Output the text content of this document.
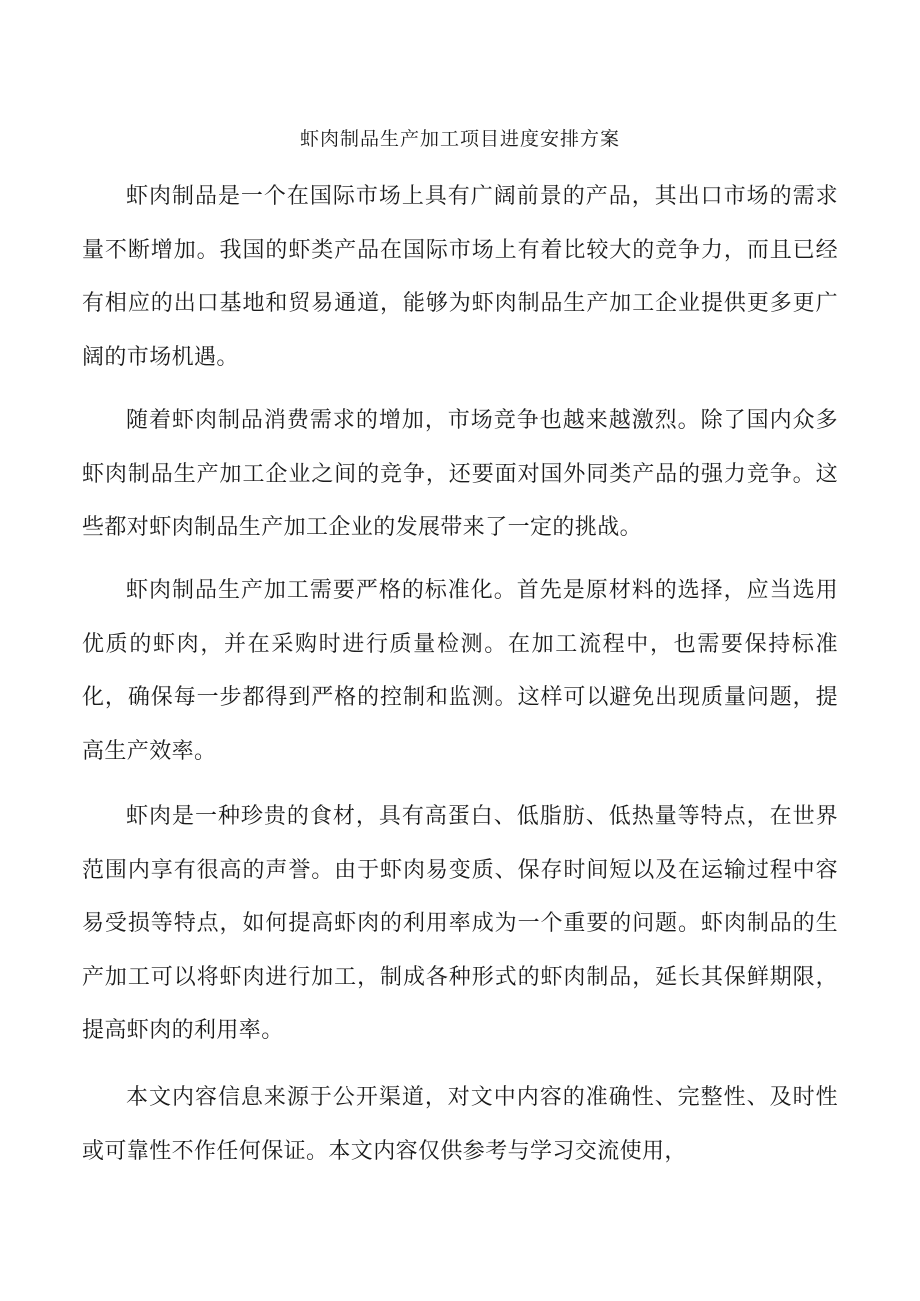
虾肉制品生产加工项目进度安排方案

虾肉制品是一个在国际市场上具有广阔前景的产品，其出口市场的需求量不断增加。我国的虾类产品在国际市场上有着比较大的竞争力，而且已经有相应的出口基地和贸易通道，能够为虾肉制品生产加工企业提供更多更广阔的市场机遇。

随着虾肉制品消费需求的增加，市场竞争也越来越激烈。除了国内众多虾肉制品生产加工企业之间的竞争，还要面对国外同类产品的强力竞争。这些都对虾肉制品生产加工企业的发展带来了一定的挑战。

虾肉制品生产加工需要严格的标准化。首先是原材料的选择，应当选用优质的虾肉，并在采购时进行质量检测。在加工流程中，也需要保持标准化，确保每一步都得到严格的控制和监测。这样可以避免出现质量问题，提高生产效率。

虾肉是一种珍贵的食材，具有高蛋白、低脂肪、低热量等特点，在世界范围内享有很高的声誉。由于虾肉易变质、保存时间短以及在运输过程中容易受损等特点，如何提高虾肉的利用率成为一个重要的问题。虾肉制品的生产加工可以将虾肉进行加工，制成各种形式的虾肉制品，延长其保鲜期限，提高虾肉的利用率。

本文内容信息来源于公开渠道，对文中内容的准确性、完整性、及时性或可靠性不作任何保证。本文内容仅供参考与学习交流使用，
